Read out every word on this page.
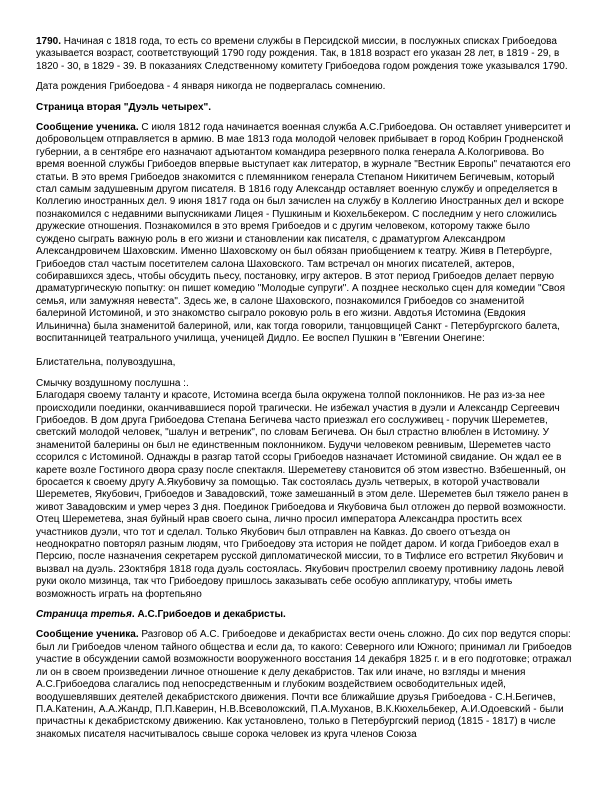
1790. Начиная с 1818 года, то есть со времени службы в Персидской миссии, в послужных списках Грибоедова указывается возраст, соответствующий 1790 году рождения. Так, в 1818 возраст его указан 28 лет, в 1819 - 29, в 1820 - 30, в 1829 - 39. В показаниях Следственному комитету Грибоедова годом рождения тоже указывался 1790.

Дата рождения Грибоедова - 4 января никогда не подвергалась сомнению.

Страница вторая "Дуэль четырех".

Сообщение ученика. С июля 1812 года начинается военная служба А.С.Грибоедова. Он оставляет университет и добровольцем отправляется в армию. В мае 1813 года молодой человек прибывает в город Кобрин Гродненской губернии, а в сентябре его назначают адъютантом командира резервного полка генерала А.Кологривова. Во время военной службы Грибоедов впервые выступает как литератор, в журнале "Вестник Европы" печатаются его статьи. В это время Грибоедов знакомится с племянником генерала Степаном Никитичем Бегичевым, который стал самым задушевным другом писателя. В 1816 году Александр оставляет военную службу и определяется в Коллегию иностранных дел. 9 июня 1817 года он был зачислен на службу в Коллегию Иностранных дел и вскоре познакомился с недавними выпускниками Лицея - Пушкиным и Кюхельбекером. С последним у него сложились дружеские отношения. Познакомился в это время Грибоедов и с другим человеком, которому также было суждено сыграть важную роль в его жизни и становлении как писателя, с драматургом Александром Александровичем Шаховским. Именно Шаховскому он был обязан приобщением к театру. Живя в Петербурге, Грибоедов стал частым посетителем салона Шаховского. Там встречал он многих писателей, актеров, собиравшихся здесь, чтобы обсудить пьесу, постановку, игру актеров. В этот период Грибоедов делает первую драматургическую попытку: он пишет комедию "Молодые супруги". А позднее несколько сцен для комедии "Своя семья, или замужняя невеста". Здесь же, в салоне Шаховского, познакомился Грибоедов со знаменитой балериной Истоминой, и это знакомство сыграло роковую роль в его жизни. Авдотья Истомина (Евдокия Ильинична) была знаменитой балериной, или, как тогда говорили, танцовщицей Санкт - Петербургского балета, воспитанницей театрального училища, ученицей Дидло. Ее воспел Пушкин в "Евгении Онегине:

Блистательна, полувоздушна,

Смычку воздушному послушна :.

Благодаря своему таланту и красоте, Истомина всегда была окружена толпой поклонников. Не раз из-за нее происходили поединки, оканчивавшиеся порой трагически. Не избежал участия в дуэли и Александр Сергеевич Грибоедов. В дом друга Грибоедова Степана Бегичева часто приезжал его сослуживец - поручик Шереметев, светский молодой человек, "шалун и ветреник", по словам Бегичева. Он был страстно влюблен в Истомину. У знаменитой балерины он был не единственным поклонником. Будучи человеком ревнивым, Шереметев часто ссорился с Истоминой. Однажды в разгар татой ссоры Грибоедов назначает Истоминой свидание. Он ждал ее в карете возле Гостиного двора сразу после спектакля. Шереметеву становится об этом известно. Взбешенный, он бросается к своему другу А.Якубовичу за помощью. Так состоялась дуэль четверых, в которой участвовали Шереметев, Якубович, Грибоедов и Завадовский, тоже замешанный в этом деле. Шереметев был тяжело ранен в живот Завадовским и умер через 3 дня. Поединок Грибоедова и Якубовича был отложен до первой возможности. Отец Шереметева, зная буйный нрав своего сына, лично просил императора Александра простить всех участников дуэли, что тот и сделал. Только Якубович был отправлен на Кавказ. До своего отъезда он неоднократно повторял разным людям, что Грибоедову эта история не пойдет даром. И когда Грибоедов ехал в Персию, после назначения секретарем русской дипломатической миссии, то в Тифлисе его встретил Якубович и вызвал на дуэль. 23октября 1818 года дуэль состоялась. Якубович прострелил своему противнику ладонь левой руки около мизинца, так что Грибоедову пришлось заказывать себе особую аппликатуру, чтобы иметь возможность играть на фортепьяно

Страница третья. А.С.Грибоедов и декабристы.

Сообщение ученика. Разговор об А.С. Грибоедове и декабристах вести очень сложно. До сих пор ведутся споры: был ли Грибоедов членом тайного общества и если да, то какого: Северного или Южного; принимал ли Грибоедов участие в обсуждении самой возможности вооруженного восстания 14 декабря 1825 г. и в его подготовке; отражал ли он в своем произведении личное отношение к делу декабристов. Так или иначе, но взгляды и мнения А.С.Грибоедова слагались под непосредственным и глубоким воздействием освободительных идей, воодушевлявших деятелей декабристского движения. Почти все ближайшие друзья Грибоедова - С.Н.Бегичев, П.А.Катенин, А.А.Жандр, П.П.Каверин, Н.В.Всеволожский, П.А.Муханов, В.К.Кюхельбекер, А.И.Одоевский - были причастны к декабристскому движению. Как установлено, только в Петербургский период (1815 - 1817) в числе знакомых писателя насчитывалось свыше сорока человек из круга членов Союза
